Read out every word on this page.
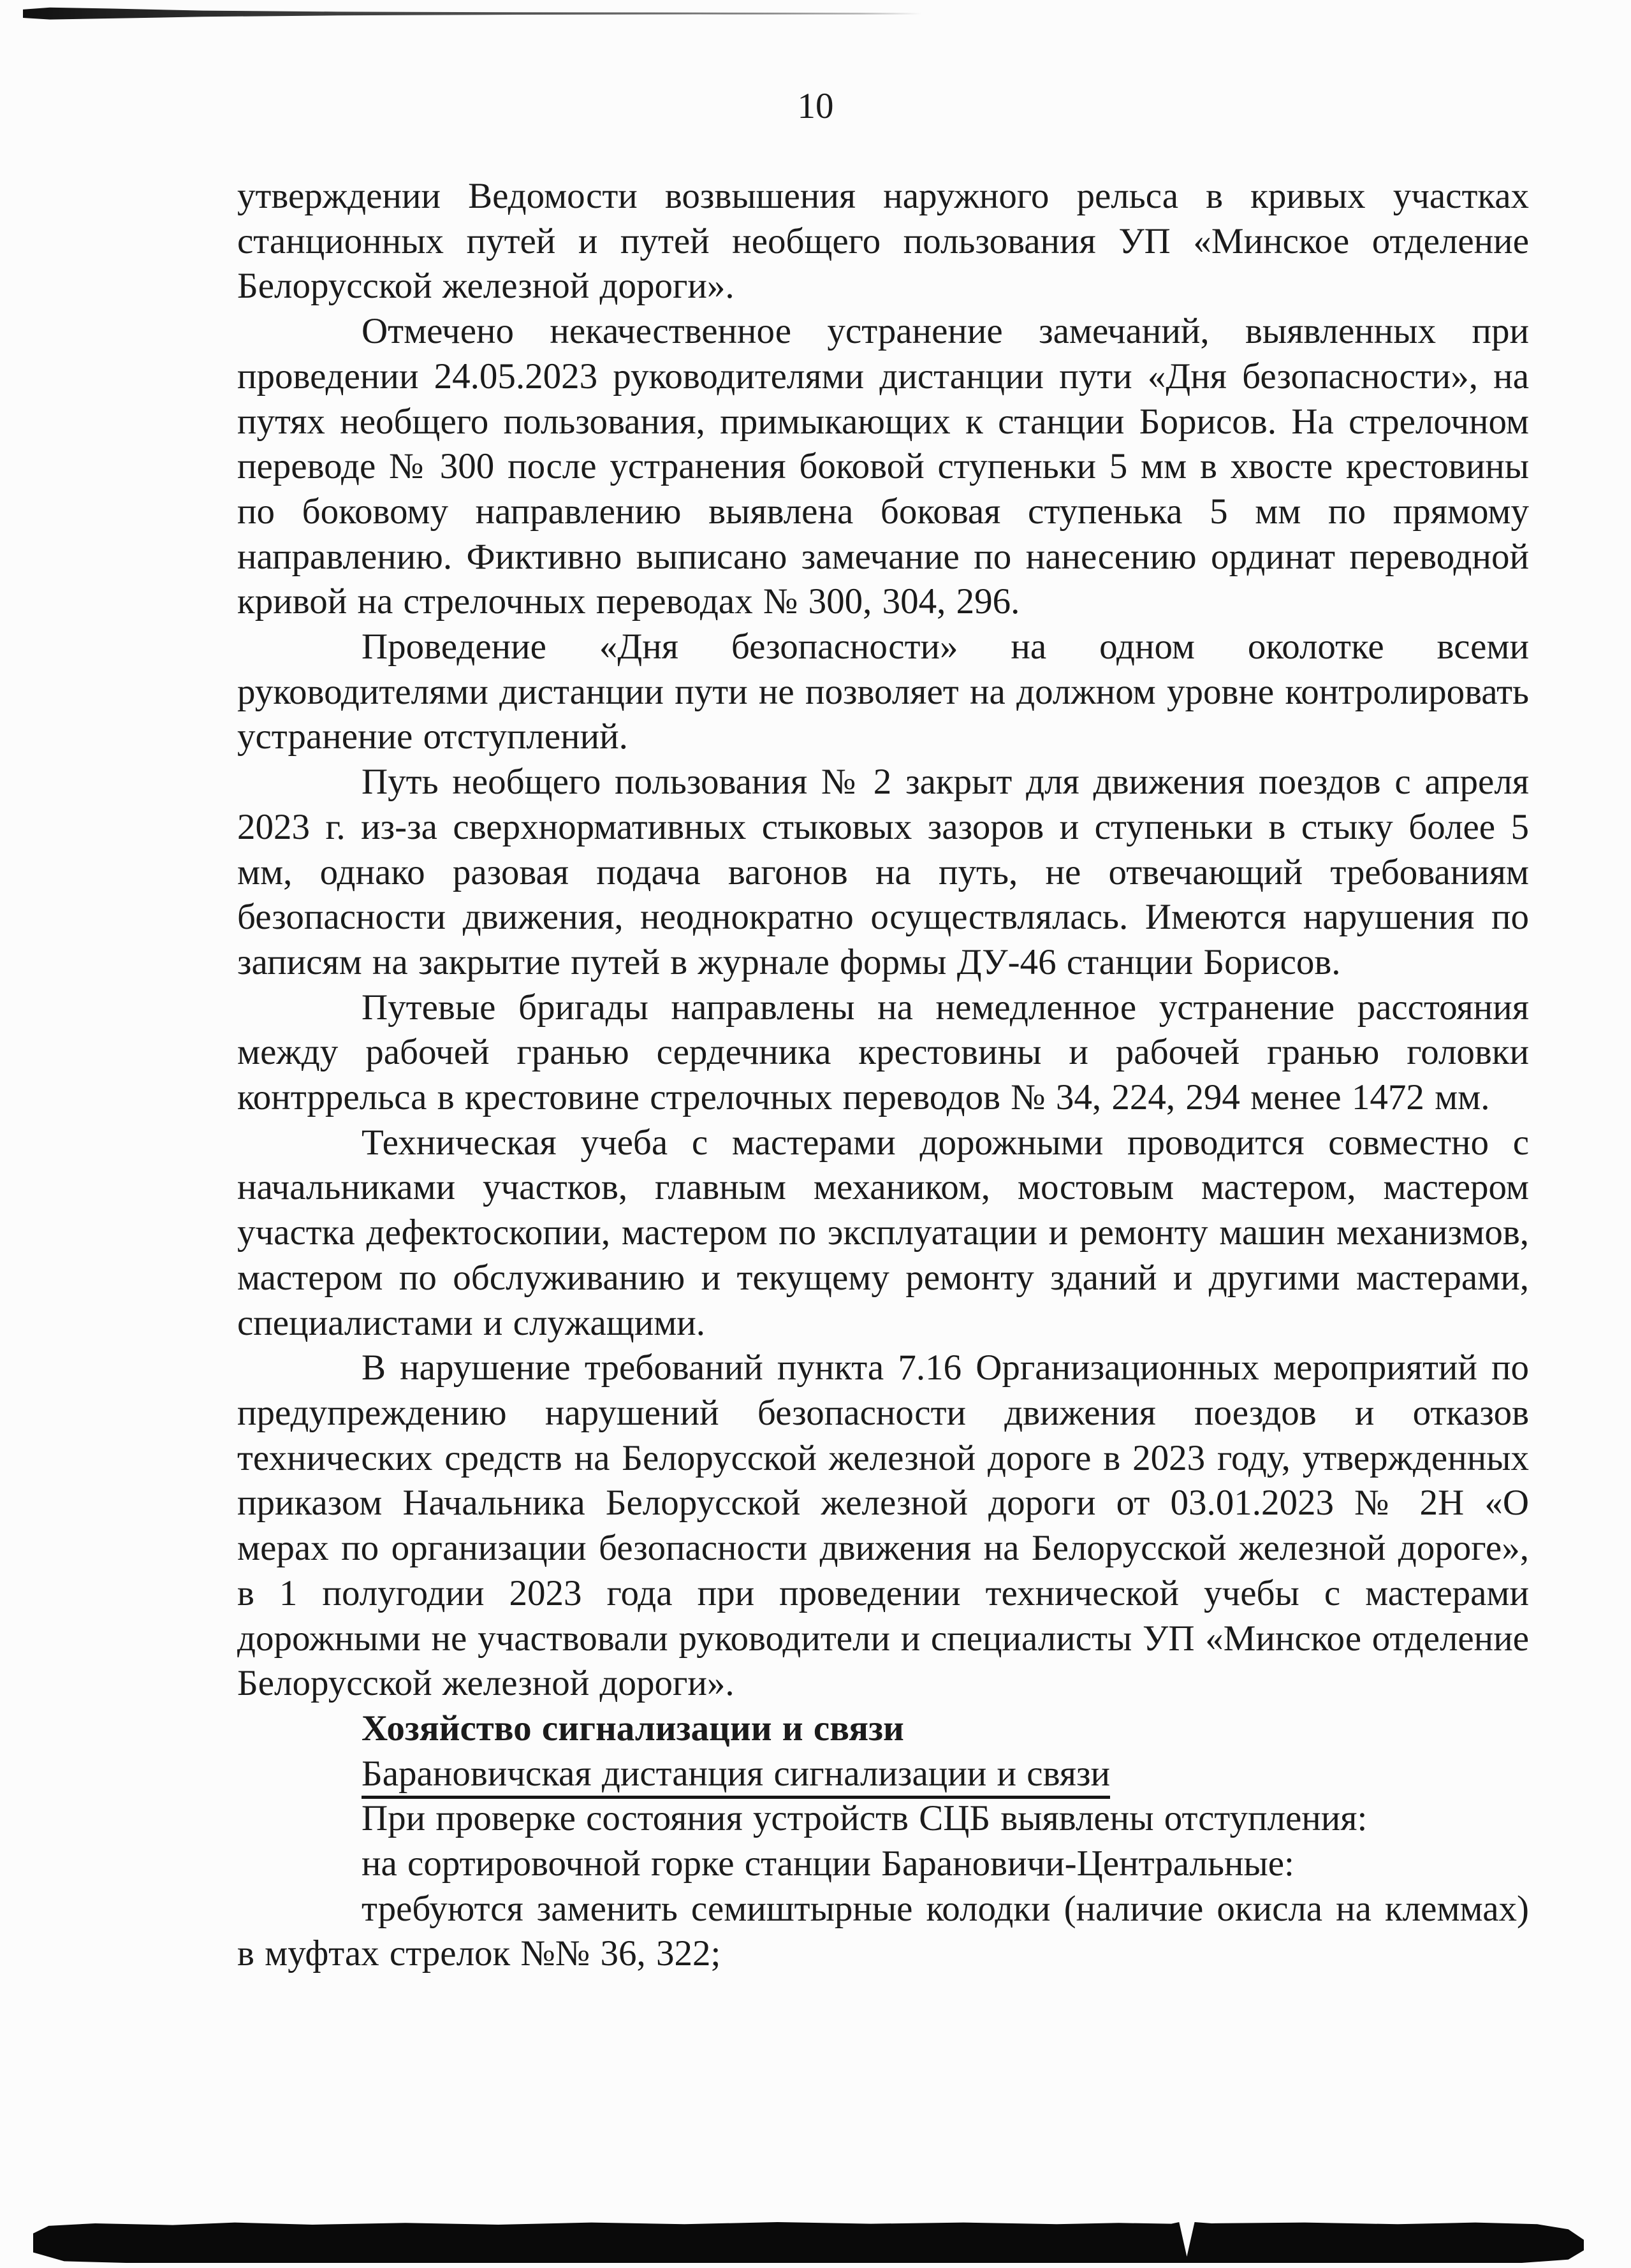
10

утверждении Ведомости возвышения наружного рельса в кривых участках станционных путей и путей необщего пользования УП «Минское отделение Белорусской железной дороги».

Отмечено некачественное устранение замечаний, выявленных при проведении 24.05.2023 руководителями дистанции пути «Дня безопасности», на путях необщего пользования, примыкающих к станции Борисов. На стрелочном переводе № 300 после устранения боковой ступеньки 5 мм в хвосте крестовины по боковому направлению выявлена боковая ступенька 5 мм по прямому направлению. Фиктивно выписано замечание по нанесению ординат переводной кривой на стрелочных переводах № 300, 304, 296.

Проведение «Дня безопасности» на одном околотке всеми руководителями дистанции пути не позволяет на должном уровне контролировать устранение отступлений.

Путь необщего пользования № 2 закрыт для движения поездов с апреля 2023 г. из-за сверхнормативных стыковых зазоров и ступеньки в стыку более 5 мм, однако разовая подача вагонов на путь, не отвечающий требованиям безопасности движения, неоднократно осуществлялась. Имеются нарушения по записям на закрытие путей в журнале формы ДУ-46 станции Борисов.

Путевые бригады направлены на немедленное устранение расстояния между рабочей гранью сердечника крестовины и рабочей гранью головки контррельса в крестовине стрелочных переводов № 34, 224, 294 менее 1472 мм.

Техническая учеба с мастерами дорожными проводится совместно с начальниками участков, главным механиком, мостовым мастером, мастером участка дефектоскопии, мастером по эксплуатации и ремонту машин механизмов, мастером по обслуживанию и текущему ремонту зданий и другими мастерами, специалистами и служащими.

В нарушение требований пункта 7.16 Организационных мероприятий по предупреждению нарушений безопасности движения поездов и отказов технических средств на Белорусской железной дороге в 2023 году, утвержденных приказом Начальника Белорусской железной дороги от 03.01.2023 № 2Н «О мерах по организации безопасности движения на Белорусской железной дороге», в 1 полугодии 2023 года при проведении технической учебы с мастерами дорожными не участвовали руководители и специалисты УП «Минское отделение Белорусской железной дороги».

Хозяйство сигнализации и связи

Барановичская дистанция сигнализации и связи

При проверке состояния устройств СЦБ выявлены отступления:

на сортировочной горке станции Барановичи-Центральные:

требуются заменить семиштырные колодки (наличие окисла на клеммах) в муфтах стрелок №№ 36, 322;
